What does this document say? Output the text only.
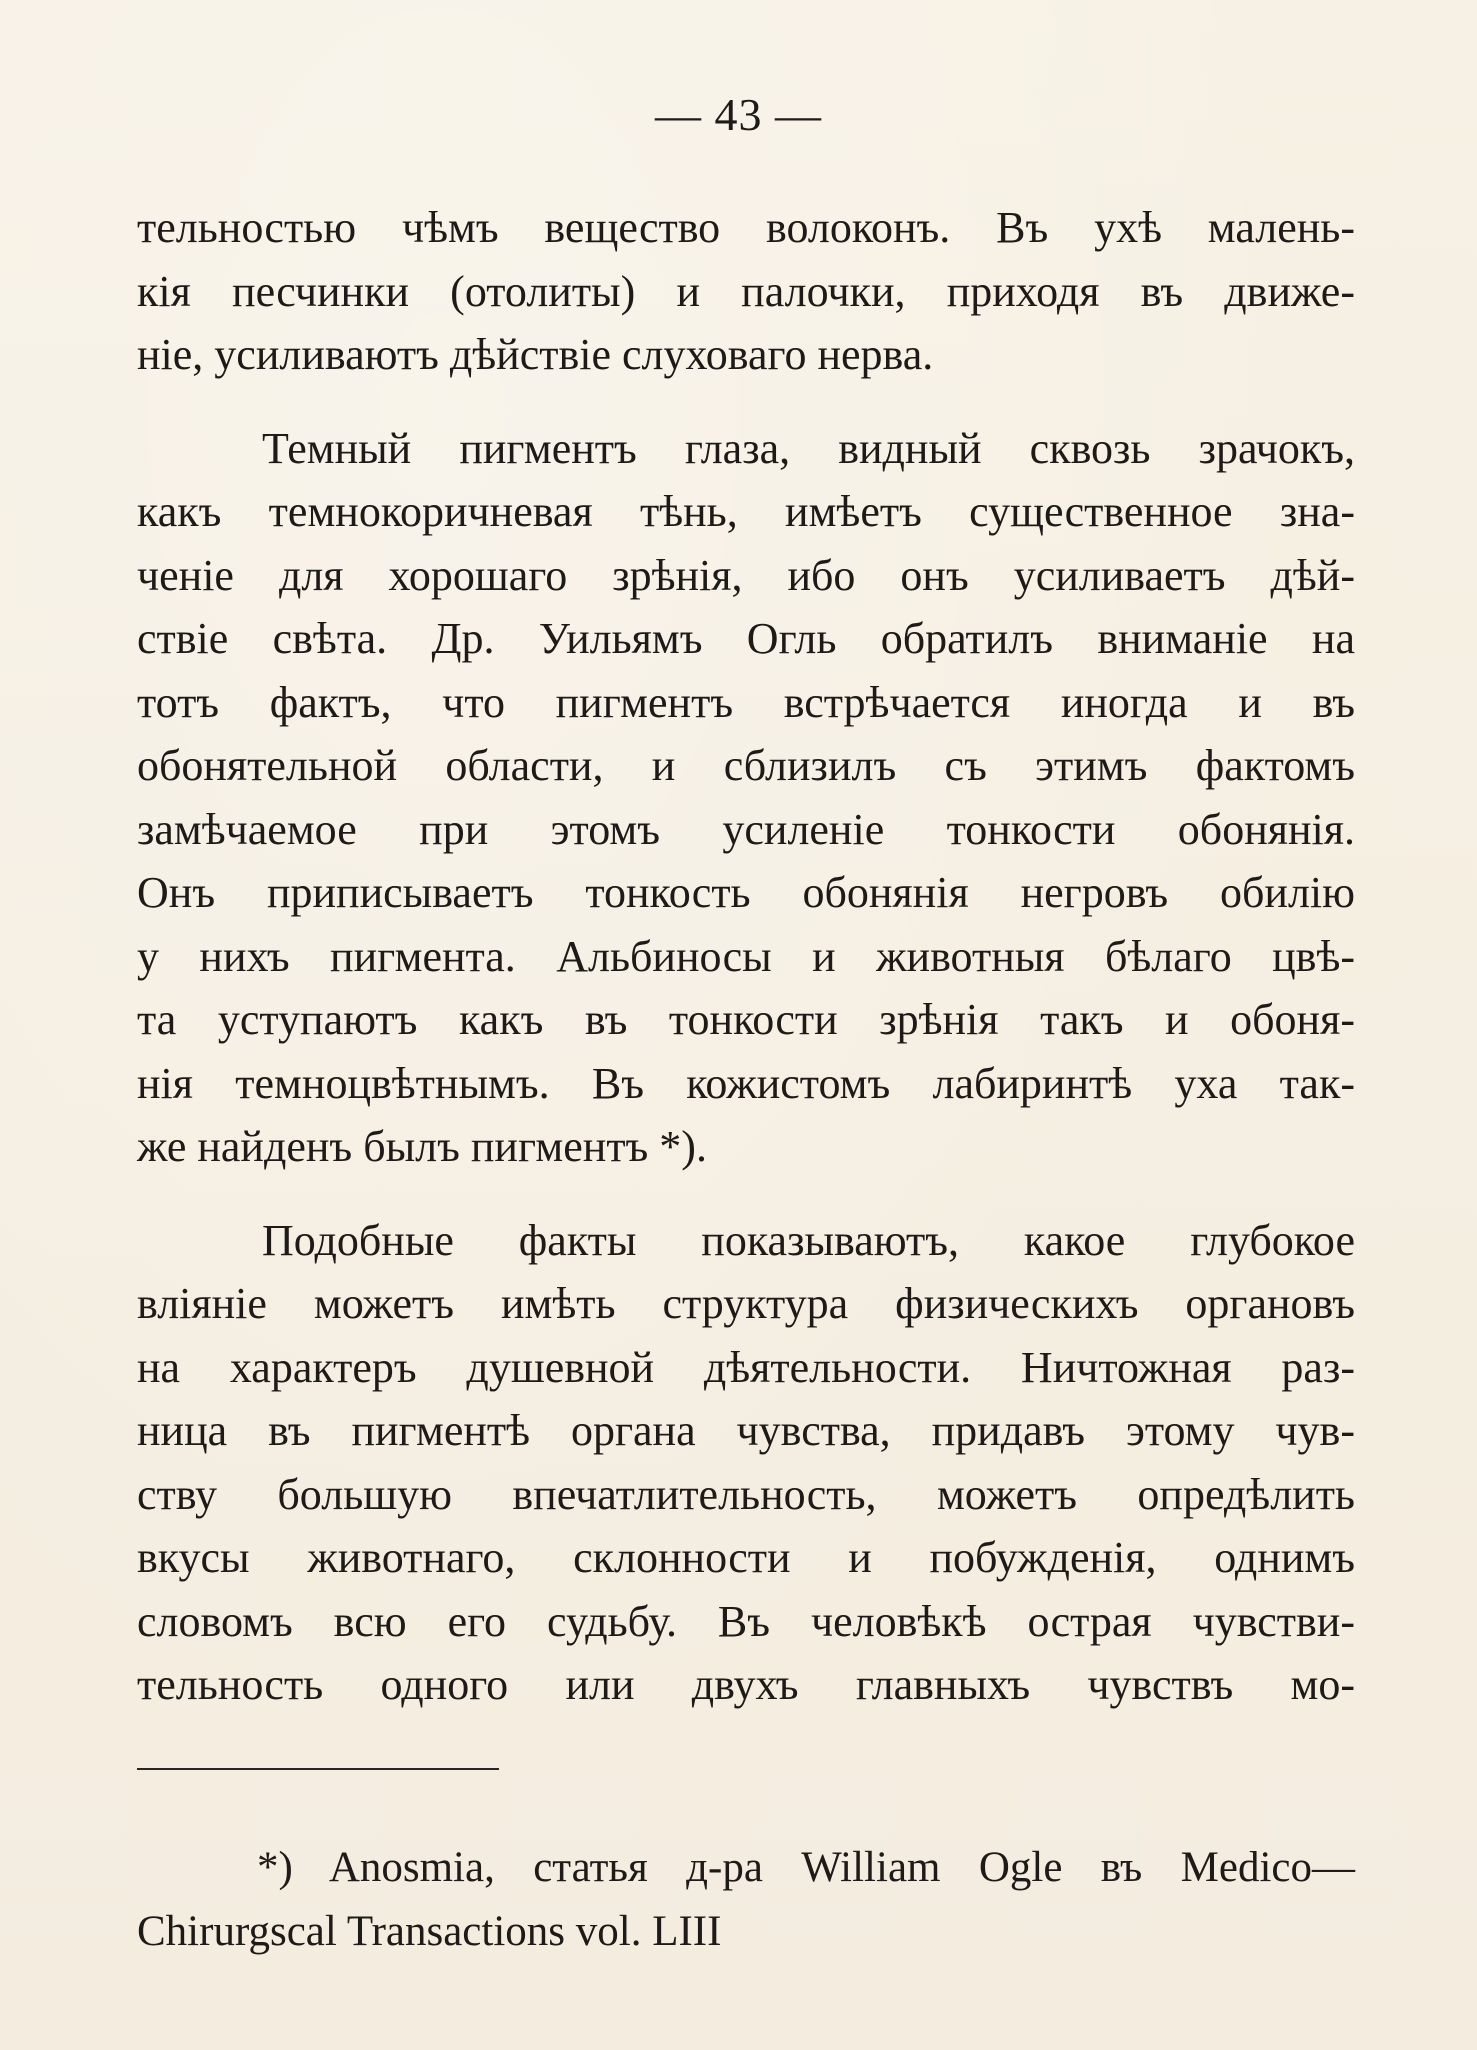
— 43 —

тельностью чѣмъ вещество волоконъ. Въ ухѣ малень-
кія песчинки (отолиты) и палочки, приходя въ движе-
ніе, усиливаютъ дѣйствіе слуховаго нерва.

Темный пигментъ глаза, видный сквозь зрачокъ,
какъ темнокоричневая тѣнь, имѣетъ существенное зна-
ченіе для хорошаго зрѣнія, ибо онъ усиливаетъ дѣй-
ствіе свѣта. Др. Уильямъ Огль обратилъ вниманіе на
тотъ фактъ, что пигментъ встрѣчается иногда и въ
обонятельной области, и сблизилъ съ этимъ фактомъ
замѣчаемое при этомъ усиленіе тонкости обонянія.
Онъ приписываетъ тонкость обонянія негровъ обилію
у нихъ пигмента. Альбиносы и животныя бѣлаго цвѣ-
та уступаютъ какъ въ тонкости зрѣнія такъ и обоня-
нія темноцвѣтнымъ. Въ кожистомъ лабиринтѣ уха так-
же найденъ былъ пигментъ *).

Подобные факты показываютъ, какое глубокое
вліяніе можетъ имѣть структура физическихъ органовъ
на характеръ душевной дѣятельности. Ничтожная раз-
ница въ пигментѣ органа чувства, придавъ этому чув-
ству большую впечатлительность, можетъ опредѣлить
вкусы животнаго, склонности и побужденія, однимъ
словомъ всю его судьбу. Въ человѣкѣ острая чувстви-
тельность одного или двухъ главныхъ чувствъ мо-

*) Anosmia, статья д-ра William Ogle въ Medico—
Chirurgscal Transactions vol. LIII
